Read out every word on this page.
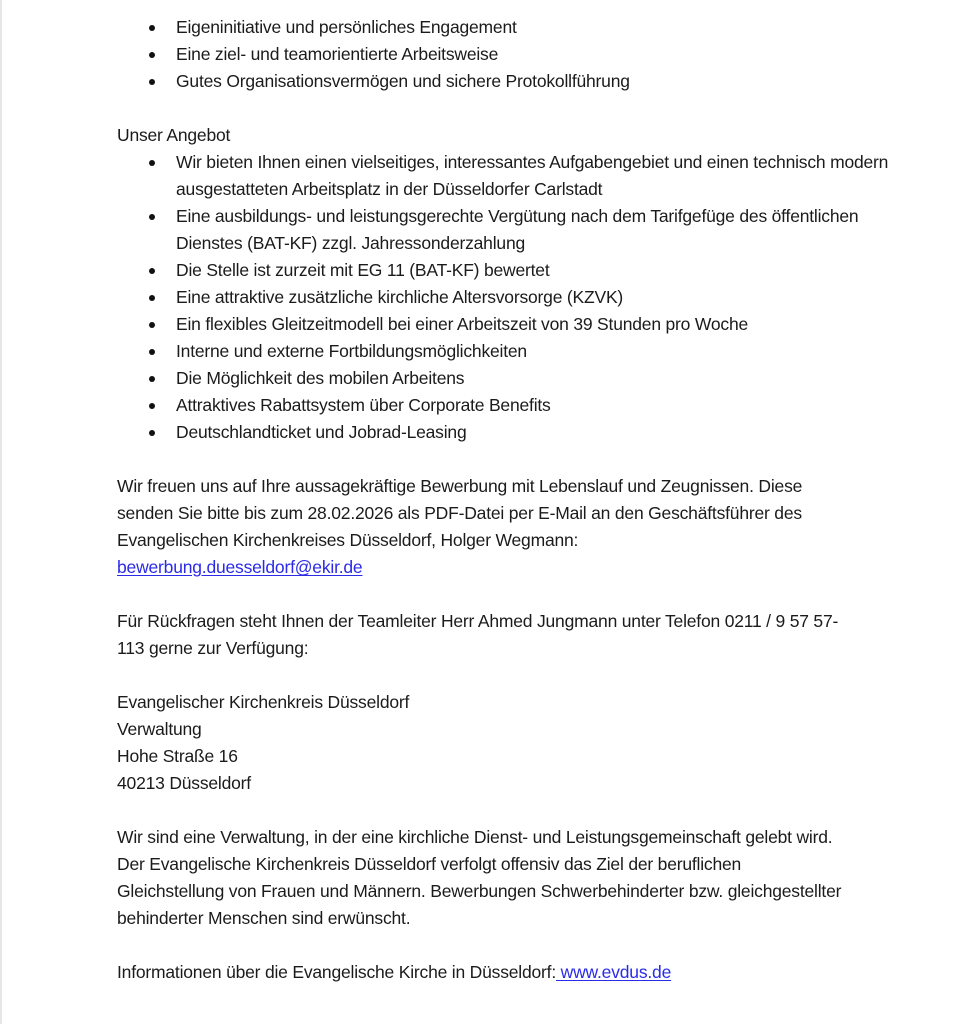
Eigeninitiative und persönliches Engagement
Eine ziel- und teamorientierte Arbeitsweise
Gutes Organisationsvermögen und sichere Protokollführung
Unser Angebot
Wir bieten Ihnen einen vielseitiges, interessantes Aufgabengebiet und einen technisch modern ausgestatteten Arbeitsplatz in der Düsseldorfer Carlstadt
Eine ausbildungs- und leistungsgerechte Vergütung nach dem Tarifgefüge des öffentlichen Dienstes (BAT-KF) zzgl. Jahressonderzahlung
Die Stelle ist zurzeit mit EG 11 (BAT-KF) bewertet
Eine attraktive zusätzliche kirchliche Altersvorsorge (KZVK)
Ein flexibles Gleitzeitmodell bei einer Arbeitszeit von 39 Stunden pro Woche
Interne und externe Fortbildungsmöglichkeiten
Die Möglichkeit des mobilen Arbeitens
Attraktives Rabattsystem über Corporate Benefits
Deutschlandticket und Jobrad-Leasing

Wir freuen uns auf Ihre aussagekräftige Bewerbung mit Lebenslauf und Zeugnissen. Diese senden Sie bitte bis zum 28.02.2026 als PDF-Datei per E-Mail an den Geschäftsführer des Evangelischen Kirchenkreises Düsseldorf, Holger Wegmann:
bewerbung.duesseldorf@ekir.de

Für Rückfragen steht Ihnen der Teamleiter Herr Ahmed Jungmann unter Telefon 0211 / 9 57 57-113 gerne zur Verfügung:

Evangelischer Kirchenkreis Düsseldorf
Verwaltung
Hohe Straße 16
40213 Düsseldorf

Wir sind eine Verwaltung, in der eine kirchliche Dienst- und Leistungsgemeinschaft gelebt wird. Der Evangelische Kirchenkreis Düsseldorf verfolgt offensiv das Ziel der beruflichen Gleichstellung von Frauen und Männern. Bewerbungen Schwerbehinderter bzw. gleichgestellter behinderter Menschen sind erwünscht.

Informationen über die Evangelische Kirche in Düsseldorf: www.evdus.de
